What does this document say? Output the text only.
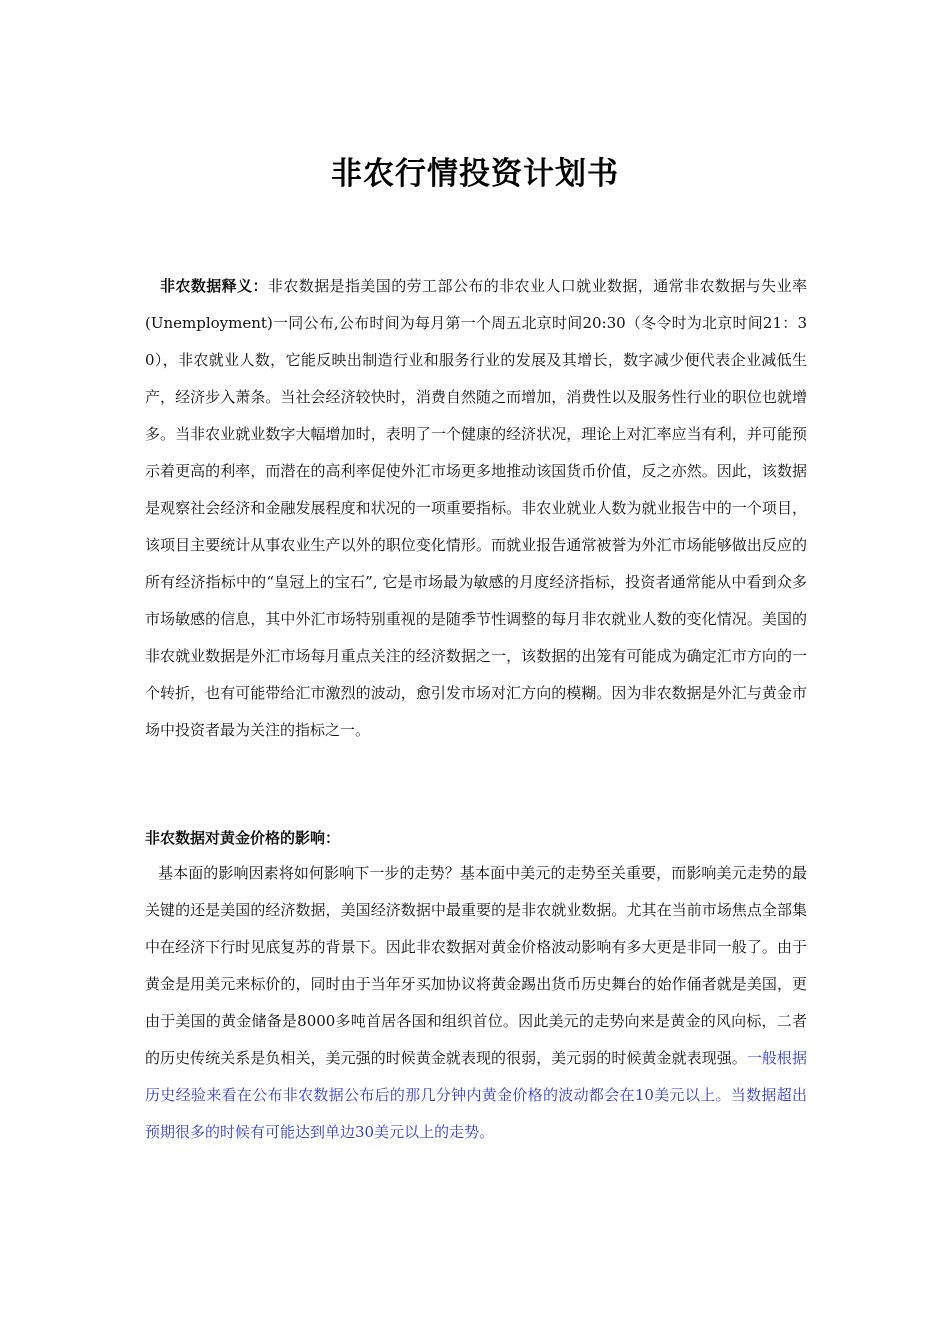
非农行情投资计划书

非农数据释义：非农数据是指美国的劳工部公布的非农业人口就业数据，通常非农数据与失业率(Unemployment)一同公布,公布时间为每月第一个周五北京时间20:30（冬令时为北京时间21：30），非农就业人数，它能反映出制造行业和服务行业的发展及其增长，数字减少便代表企业减低生产，经济步入萧条。当社会经济较快时，消费自然随之而增加，消费性以及服务性行业的职位也就增多。当非农业就业数字大幅增加时，表明了一个健康的经济状况，理论上对汇率应当有利，并可能预示着更高的利率，而潜在的高利率促使外汇市场更多地推动该国货币价值，反之亦然。因此，该数据是观察社会经济和金融发展程度和状况的一项重要指标。非农业就业人数为就业报告中的一个项目，该项目主要统计从事农业生产以外的职位变化情形。而就业报告通常被誉为外汇市场能够做出反应的所有经济指标中的“皇冠上的宝石”, 它是市场最为敏感的月度经济指标，投资者通常能从中看到众多市场敏感的信息，其中外汇市场特别重视的是随季节性调整的每月非农就业人数的变化情况。美国的非农就业数据是外汇市场每月重点关注的经济数据之一，该数据的出笼有可能成为确定汇市方向的一个转折，也有可能带给汇市激烈的波动，愈引发市场对汇方向的模糊。因为非农数据是外汇与黄金市场中投资者最为关注的指标之一。

非农数据对黄金价格的影响：

基本面的影响因素将如何影响下一步的走势？基本面中美元的走势至关重要，而影响美元走势的最关键的还是美国的经济数据，美国经济数据中最重要的是非农就业数据。尤其在当前市场焦点全部集中在经济下行时见底复苏的背景下。因此非农数据对黄金价格波动影响有多大更是非同一般了。由于黄金是用美元来标价的，同时由于当年牙买加协议将黄金踢出货币历史舞台的始作俑者就是美国，更由于美国的黄金储备是8000多吨首居各国和组织首位。因此美元的走势向来是黄金的风向标，二者的历史传统关系是负相关，美元强的时候黄金就表现的很弱，美元弱的时候黄金就表现强。一般根据历史经验来看在公布非农数据公布后的那几分钟内黄金价格的波动都会在10美元以上。当数据超出预期很多的时候有可能达到单边30美元以上的走势。
